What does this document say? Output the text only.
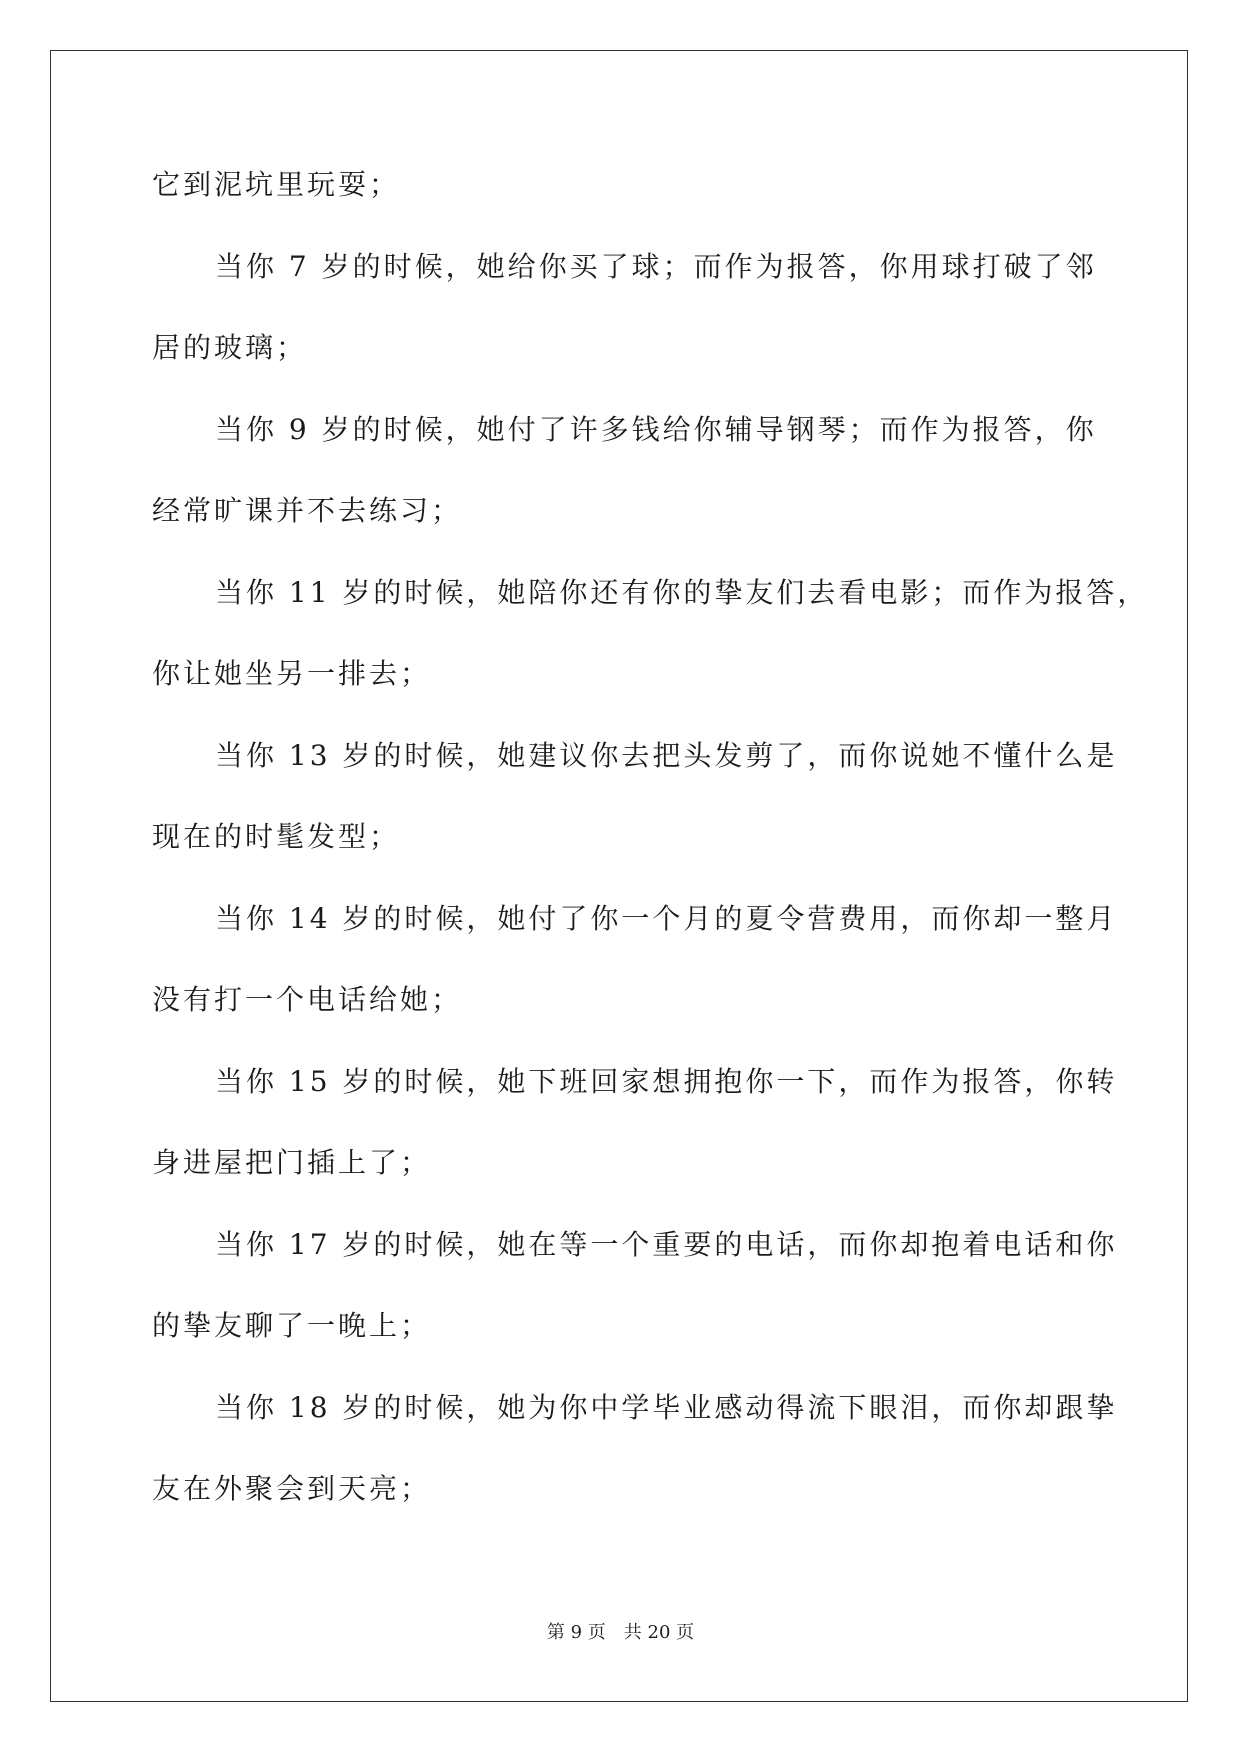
它到泥坑里玩耍；
当你 7 岁的时候，她给你买了球；而作为报答，你用球打破了邻
居的玻璃；
当你 9 岁的时候，她付了许多钱给你辅导钢琴；而作为报答，你
经常旷课并不去练习；
当你 11 岁的时候，她陪你还有你的挚友们去看电影；而作为报答，
你让她坐另一排去；
当你 13 岁的时候，她建议你去把头发剪了，而你说她不懂什么是
现在的时髦发型；
当你 14 岁的时候，她付了你一个月的夏令营费用，而你却一整月
没有打一个电话给她；
当你 15 岁的时候，她下班回家想拥抱你一下，而作为报答，你转
身进屋把门插上了；
当你 17 岁的时候，她在等一个重要的电话，而你却抱着电话和你
的挚友聊了一晚上；
当你 18 岁的时候，她为你中学毕业感动得流下眼泪，而你却跟挚
友在外聚会到天亮；
第 9 页 共 20 页
